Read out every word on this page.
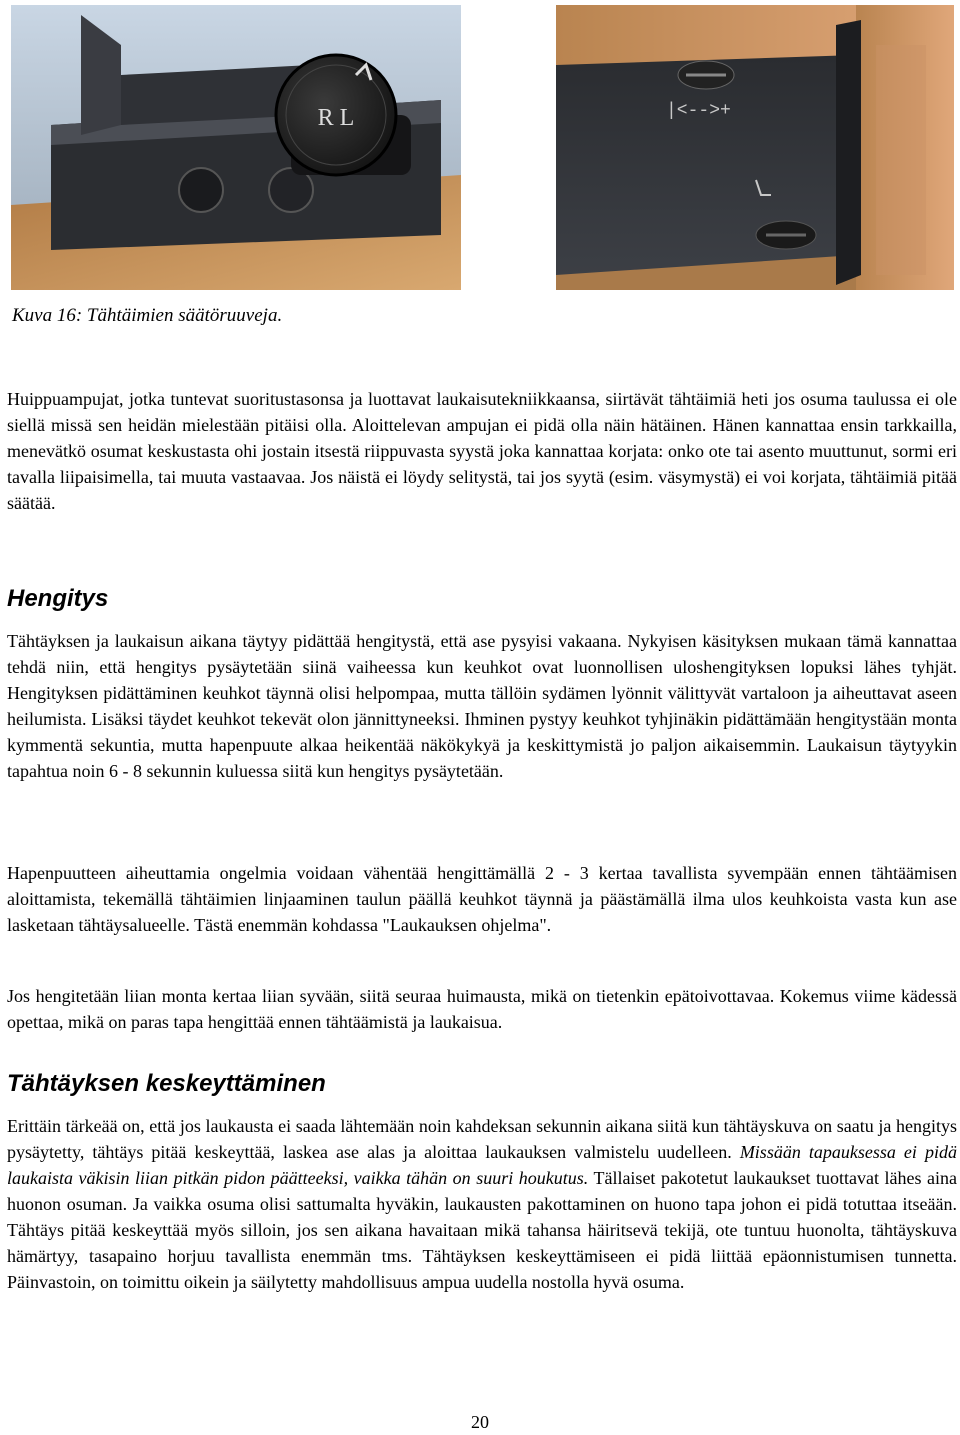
R L	|<-->+
Kuva 16: Tähtäimien säätöruuveja.

Huippuampujat, jotka tuntevat suoritustasonsa ja luottavat laukaisutekniikkaansa, siirtävät tähtäimiä heti jos osuma taulussa ei ole siellä missä sen heidän mielestään pitäisi olla. Aloittelevan ampujan ei pidä olla näin hätäinen. Hänen kannattaa ensin tarkkailla, menevätkö osumat keskustasta ohi jostain itsestä riippuvasta syystä joka kannattaa korjata: onko ote tai asento muuttunut, sormi eri tavalla liipaisimella, tai muuta vastaavaa. Jos näistä ei löydy selitystä, tai jos syytä (esim. väsymystä) ei voi korjata, tähtäimiä pitää säätää.

Hengitys

Tähtäyksen ja laukaisun aikana täytyy pidättää hengitystä, että ase pysyisi vakaana. Nykyisen käsityksen mukaan tämä kannattaa tehdä niin, että hengitys pysäytetään siinä vaiheessa kun keuhkot ovat luonnollisen uloshengityksen lopuksi lähes tyhjät. Hengityksen pidättäminen keuhkot täynnä olisi helpompaa, mutta tällöin sydämen lyönnit välittyvät vartaloon ja aiheuttavat aseen heilumista. Lisäksi täydet keuhkot tekevät olon jännittyneeksi. Ihminen pystyy keuhkot tyhjinäkin pidättämään hengitystään monta kymmentä sekuntia, mutta hapenpuute alkaa heikentää näkökykyä ja keskittymistä jo paljon aikaisemmin. Laukaisun täytyykin tapahtua noin 6 - 8 sekunnin kuluessa siitä kun hengitys pysäytetään.

Hapenpuutteen aiheuttamia ongelmia voidaan vähentää hengittämällä 2 - 3 kertaa tavallista syvempään ennen tähtäämisen aloittamista, tekemällä tähtäimien linjaaminen taulun päällä keuhkot täynnä ja päästämällä ilma ulos keuhkoista vasta kun ase lasketaan tähtäysalueelle. Tästä enemmän kohdassa "Laukauksen ohjelma".

Jos hengitetään liian monta kertaa liian syvään, siitä seuraa huimausta, mikä on tietenkin epätoivottavaa. Kokemus viime kädessä opettaa, mikä on paras tapa hengittää ennen tähtäämistä ja laukaisua.

Tähtäyksen keskeyttäminen

Erittäin tärkeää on, että jos laukausta ei saada lähtemään noin kahdeksan sekunnin aikana siitä kun tähtäyskuva on saatu ja hengitys pysäytetty, tähtäys pitää keskeyttää, laskea ase alas ja aloittaa laukauksen valmistelu uudelleen. Missään tapauksessa ei pidä laukaista väkisin liian pitkän pidon päätteeksi, vaikka tähän on suuri houkutus. Tällaiset pakotetut laukaukset tuottavat lähes aina huonon osuman. Ja vaikka osuma olisi sattumalta hyväkin, laukausten pakottaminen on huono tapa johon ei pidä totuttaa itseään. Tähtäys pitää keskeyttää myös silloin, jos sen aikana havaitaan mikä tahansa häiritsevä tekijä, ote tuntuu huonolta, tähtäyskuva hämärtyy, tasapaino horjuu tavallista enemmän tms. Tähtäyksen keskeyttämiseen ei pidä liittää epäonnistumisen tunnetta. Päinvastoin, on toimittu oikein ja säilytetty mahdollisuus ampua uudella nostolla hyvä osuma.

20
